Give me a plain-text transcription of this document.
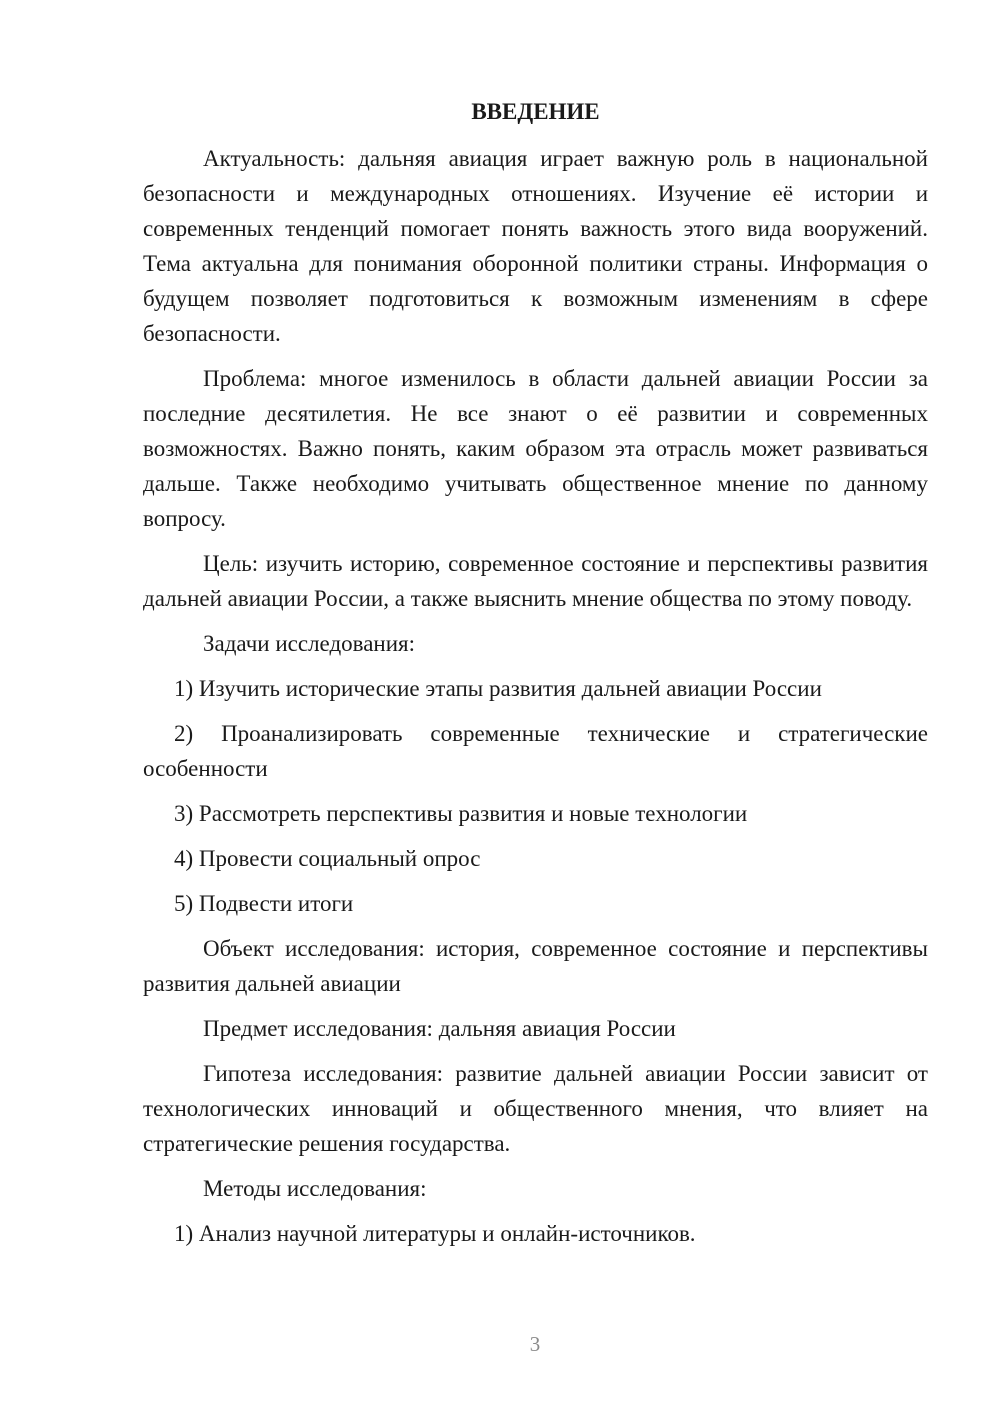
ВВЕДЕНИЕ

Актуальность: дальняя авиация играет важную роль в национальной безопасности и международных отношениях. Изучение её истории и современных тенденций помогает понять важность этого вида вооружений. Тема актуальна для понимания оборонной политики страны. Информация о будущем позволяет подготовиться к возможным изменениям в сфере безопасности.

Проблема: многое изменилось в области дальней авиации России за последние десятилетия. Не все знают о её развитии и современных возможностях. Важно понять, каким образом эта отрасль может развиваться дальше. Также необходимо учитывать общественное мнение по данному вопросу.

Цель: изучить историю, современное состояние и перспективы развития дальней авиации России, а также выяснить мнение общества по этому поводу.

Задачи исследования:

1) Изучить исторические этапы развития дальней авиации России

2) Проанализировать современные технические и стратегические особенности

3) Рассмотреть перспективы развития и новые технологии

4) Провести социальный опрос

5) Подвести итоги

Объект исследования: история, современное состояние и перспективы развития дальней авиации

Предмет исследования: дальняя авиация России

Гипотеза исследования: развитие дальней авиации России зависит от технологических инноваций и общественного мнения, что влияет на стратегические решения государства.

Методы исследования:

1) Анализ научной литературы и онлайн-источников.

3
